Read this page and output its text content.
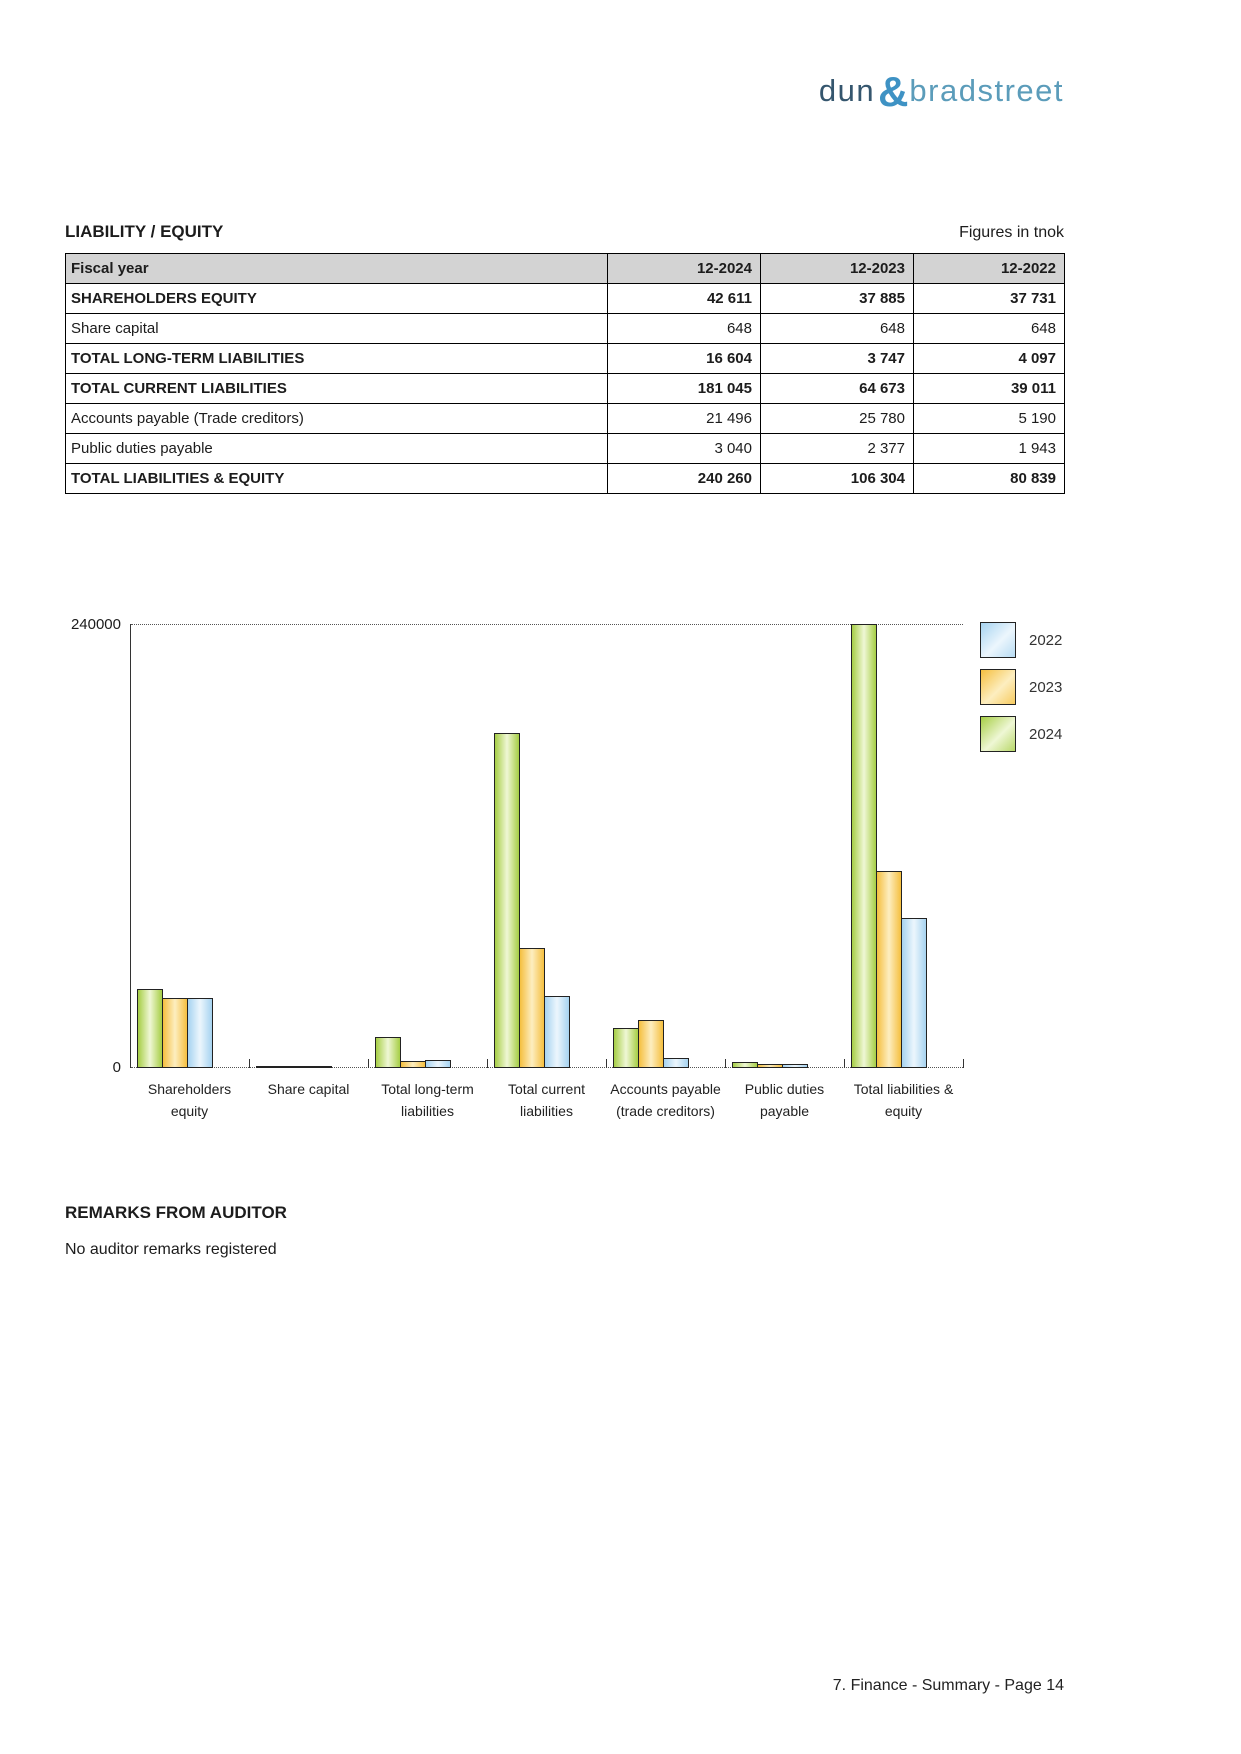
dun&bradstreet
LIABILITY / EQUITY	Figures in tnok
Fiscal year	12-2024	12-2023	12-2022
SHAREHOLDERS EQUITY	42 611	37 885	37 731
Share capital	648	648	648
TOTAL LONG-TERM LIABILITIES	16 604	3 747	4 097
TOTAL CURRENT LIABILITIES	181 045	64 673	39 011
Accounts payable (Trade creditors)	21 496	25 780	5 190
Public duties payable	3 040	2 377	1 943
TOTAL LIABILITIES & EQUITY	240 260	106 304	80 839
240000
0
Shareholders
equity
Share capital	Total long-term
liabilities
Total current
liabilities
Accounts payable
(trade creditors)
Public duties
payable
Total liabilities &
equity
2022
2023
2024
REMARKS FROM AUDITOR
No auditor remarks registered
7. Finance - Summary - Page 14
